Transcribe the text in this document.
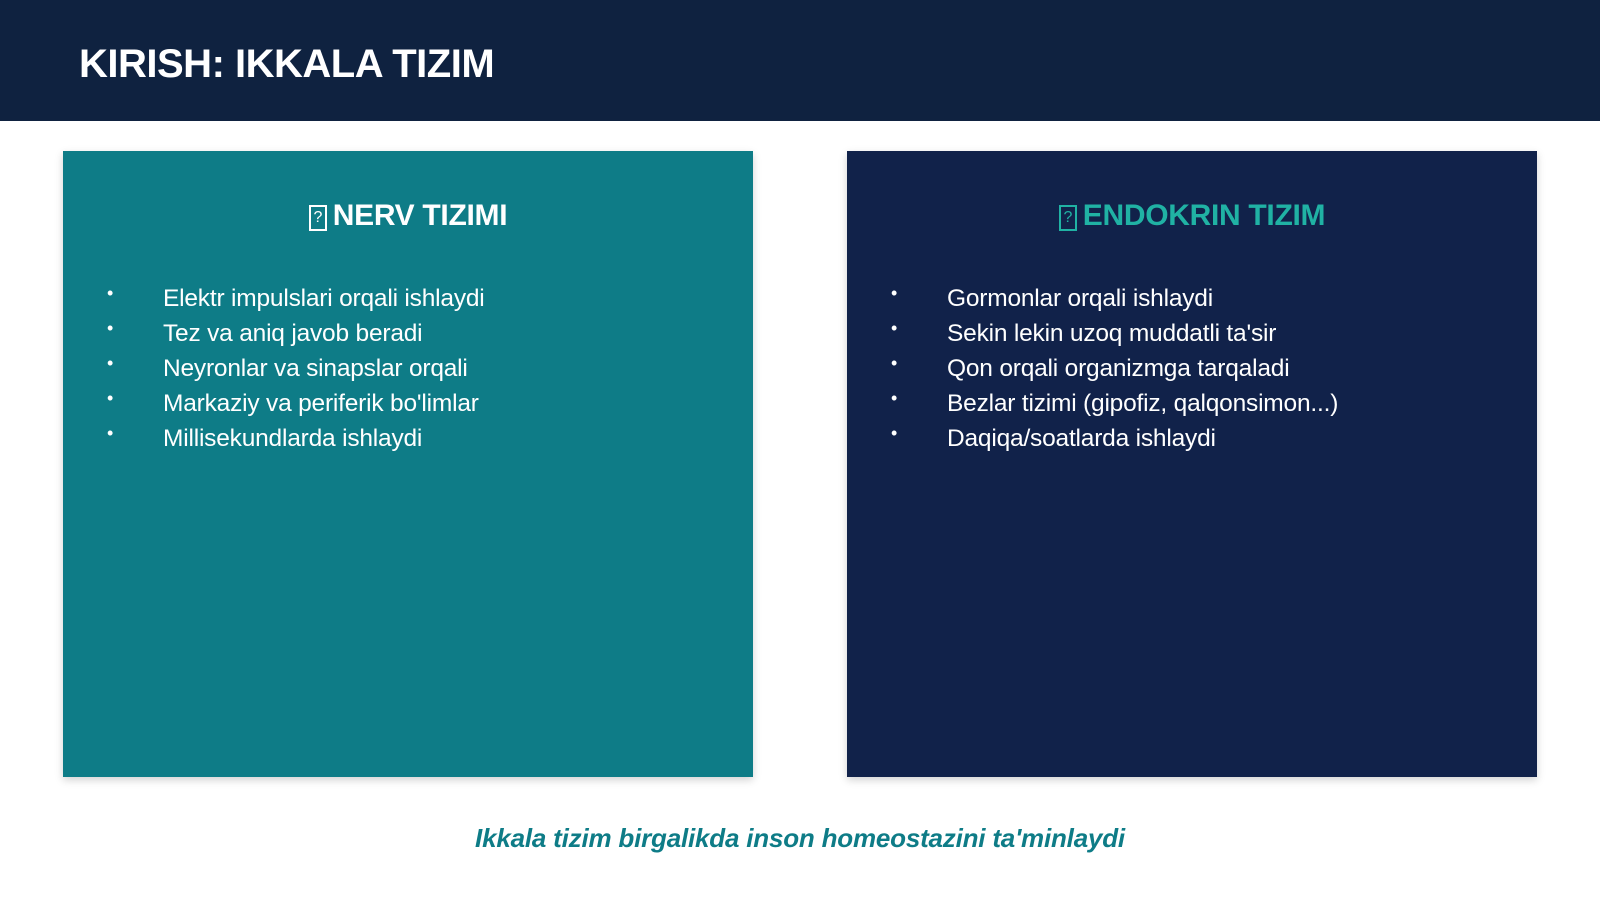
KIRISH: IKKALA TIZIM
? NERV TIZIMI
• Elektr impulslari orqali ishlaydi
• Tez va aniq javob beradi
• Neyronlar va sinapslar orqali
• Markaziy va periferik bo'limlar
• Millisekundlarda ishlaydi
? ENDOKRIN TIZIM
• Gormonlar orqali ishlaydi
• Sekin lekin uzoq muddatli ta'sir
• Qon orqali organizmga tarqaladi
• Bezlar tizimi (gipofiz, qalqonsimon...)
• Daqiqa/soatlarda ishlaydi

Ikkala tizim birgalikda inson homeostazini ta'minlaydi
